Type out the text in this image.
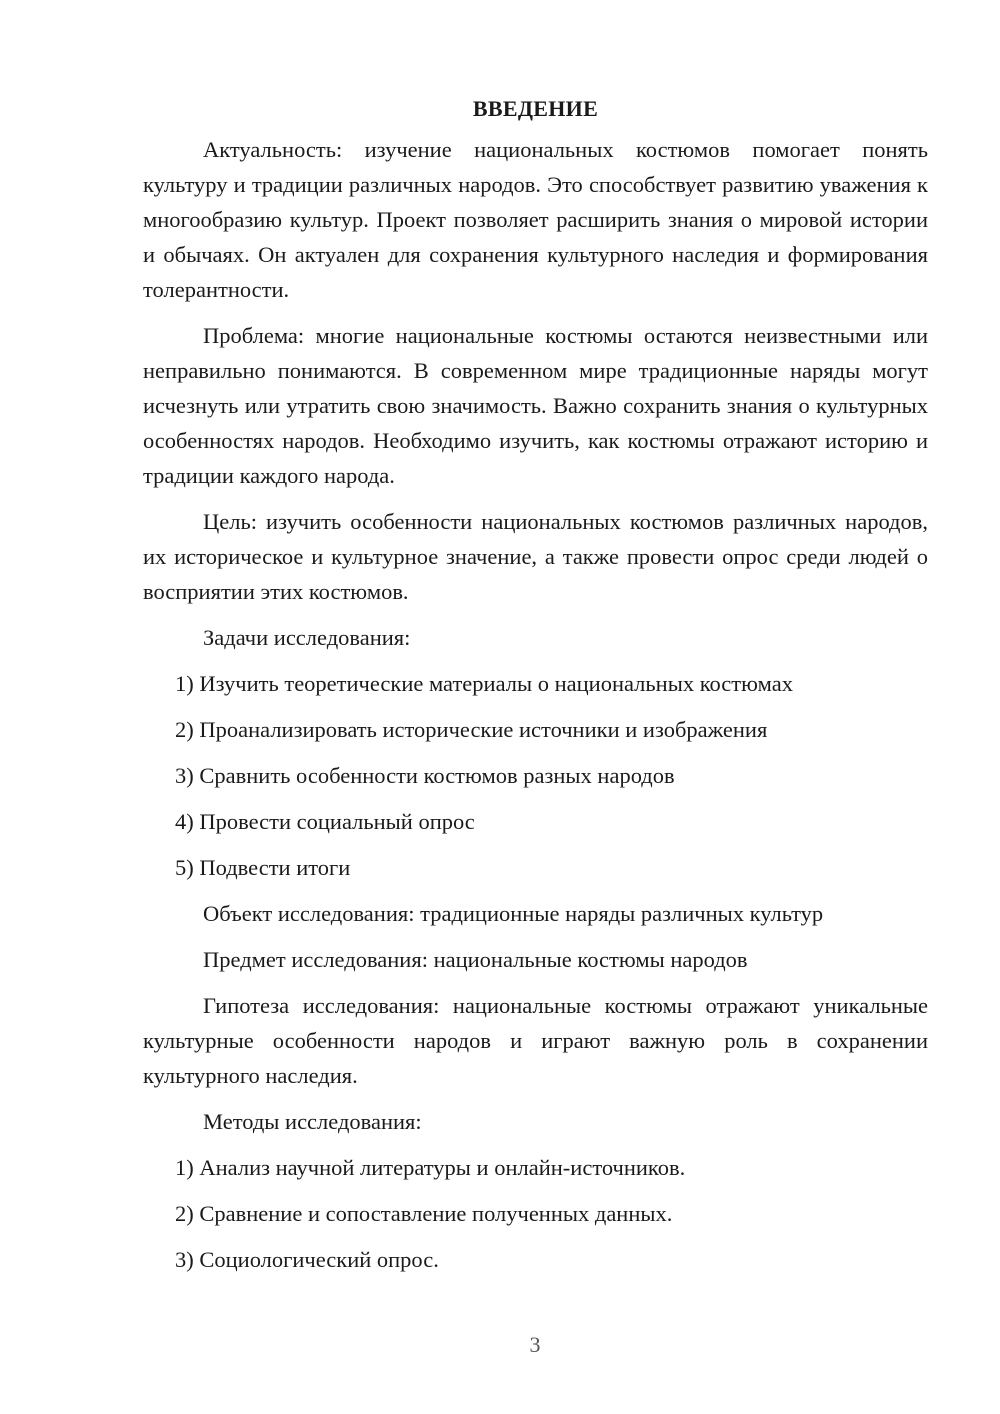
ВВЕДЕНИЕ

Актуальность: изучение национальных костюмов помогает понять культуру и традиции различных народов. Это способствует развитию уважения к многообразию культур. Проект позволяет расширить знания о мировой истории и обычаях. Он актуален для сохранения культурного наследия и формирования толерантности.

Проблема: многие национальные костюмы остаются неизвестными или неправильно понимаются. В современном мире традиционные наряды могут исчезнуть или утратить свою значимость. Важно сохранить знания о культурных особенностях народов. Необходимо изучить, как костюмы отражают историю и традиции каждого народа.

Цель: изучить особенности национальных костюмов различных народов, их историческое и культурное значение, а также провести опрос среди людей о восприятии этих костюмов.

Задачи исследования:
1) Изучить теоретические материалы о национальных костюмах
2) Проанализировать исторические источники и изображения
3) Сравнить особенности костюмов разных народов
4) Провести социальный опрос
5) Подвести итоги
Объект исследования: традиционные наряды различных культур
Предмет исследования: национальные костюмы народов

Гипотеза исследования: национальные костюмы отражают уникальные культурные особенности народов и играют важную роль в сохранении культурного наследия.

Методы исследования:
1) Анализ научной литературы и онлайн-источников.
2) Сравнение и сопоставление полученных данных.
3) Социологический опрос.
3
